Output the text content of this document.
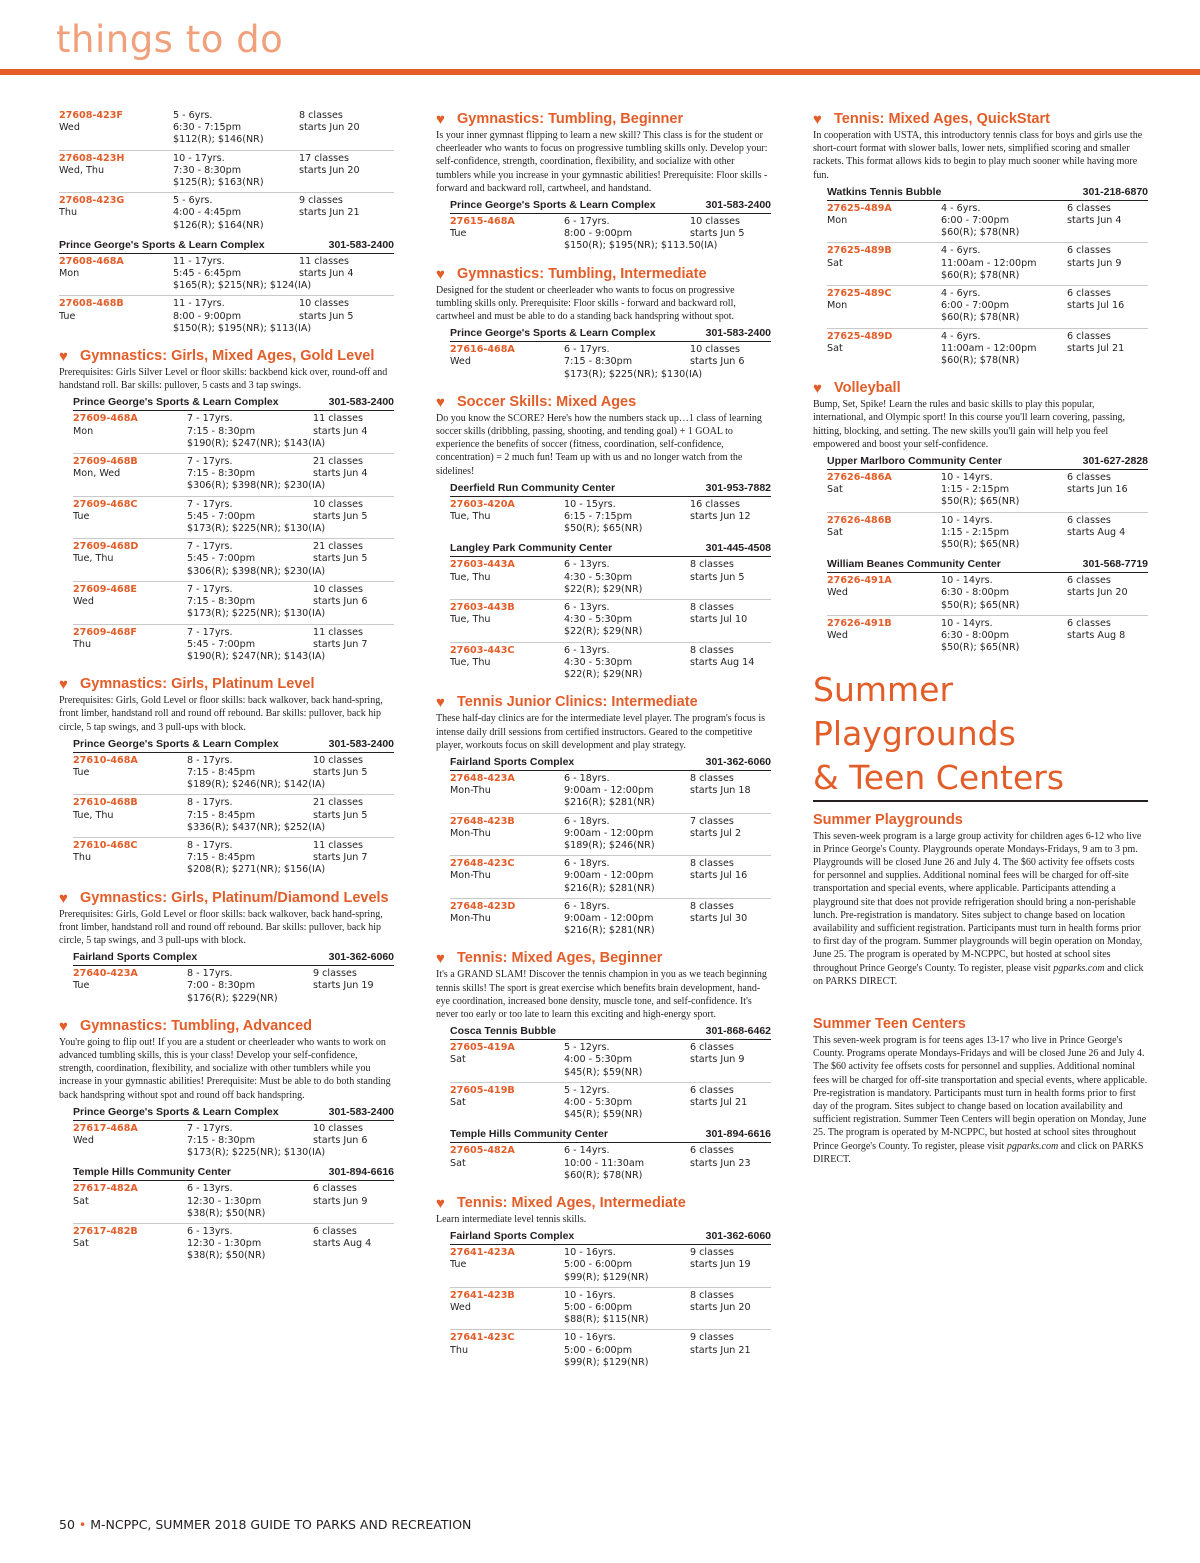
things to do
27608-423F	5 - 6yrs.	8 classes
Wed	6:30 - 7:15pm	starts Jun 20
$112(R); $146(NR)
27608-423H	10 - 17yrs.	17 classes
Wed, Thu	7:30 - 8:30pm	starts Jun 20
$125(R); $163(NR)
27608-423G	5 - 6yrs.	9 classes
Thu	4:00 - 4:45pm	starts Jun 21
$126(R); $164(NR)
Prince George's Sports & Learn Complex	301-583-2400
27608-468A	11 - 17yrs.	11 classes
Mon	5:45 - 6:45pm	starts Jun 4
$165(R); $215(NR); $124(IA)
27608-468B	11 - 17yrs.	10 classes
Tue	8:00 - 9:00pm	starts Jun 5
$150(R); $195(NR); $113(IA)
♥ Gymnastics: Girls, Mixed Ages, Gold Level
Prerequisites: Girls Silver Level or floor skills: backbend kick over, round-off and handstand roll. Bar skills: pullover, 5 casts and 3 tap swings.
Prince George's Sports & Learn Complex	301-583-2400
27609-468A	7 - 17yrs.	11 classes
Mon	7:15 - 8:30pm	starts Jun 4
$190(R); $247(NR); $143(IA)
27609-468B	7 - 17yrs.	21 classes
Mon, Wed	7:15 - 8:30pm	starts Jun 4
$306(R); $398(NR); $230(IA)
27609-468C	7 - 17yrs.	10 classes
Tue	5:45 - 7:00pm	starts Jun 5
$173(R); $225(NR); $130(IA)
27609-468D	7 - 17yrs.	21 classes
Tue, Thu	5:45 - 7:00pm	starts Jun 5
$306(R); $398(NR); $230(IA)
27609-468E	7 - 17yrs.	10 classes
Wed	7:15 - 8:30pm	starts Jun 6
$173(R); $225(NR); $130(IA)
27609-468F	7 - 17yrs.	11 classes
Thu	5:45 - 7:00pm	starts Jun 7
$190(R); $247(NR); $143(IA)
♥ Gymnastics: Girls, Platinum Level
Prerequisites: Girls, Gold Level or floor skills: back walkover, back hand-spring, front limber, handstand roll and round off rebound. Bar skills: pullover, back hip circle, 5 tap swings, and 3 pull-ups with block.
Prince George's Sports & Learn Complex	301-583-2400
27610-468A	8 - 17yrs.	10 classes
Tue	7:15 - 8:45pm	starts Jun 5
$189(R); $246(NR); $142(IA)
27610-468B	8 - 17yrs.	21 classes
Tue, Thu	7:15 - 8:45pm	starts Jun 5
$336(R); $437(NR); $252(IA)
27610-468C	8 - 17yrs.	11 classes
Thu	7:15 - 8:45pm	starts Jun 7
$208(R); $271(NR); $156(IA)
♥ Gymnastics: Girls, Platinum/Diamond Levels
Prerequisites: Girls, Gold Level or floor skills: back walkover, back hand-spring, front limber, handstand roll and round off rebound. Bar skills: pullover, back hip circle, 5 tap swings, and 3 pull-ups with block.
Fairland Sports Complex	301-362-6060
27640-423A	8 - 17yrs.	9 classes
Tue	7:00 - 8:30pm	starts Jun 19
$176(R); $229(NR)
♥ Gymnastics: Tumbling, Advanced
You're going to flip out! If you are a student or cheerleader who wants to work on advanced tumbling skills, this is your class! Develop your self-confidence, strength, coordination, flexibility, and socialize with other tumblers while you increase in your gymnastic abilities! Prerequisite: Must be able to do both standing back handspring without spot and round off back handspring.
Prince George's Sports & Learn Complex	301-583-2400
27617-468A	7 - 17yrs.	10 classes
Wed	7:15 - 8:30pm	starts Jun 6
$173(R); $225(NR); $130(IA)
Temple Hills Community Center	301-894-6616
27617-482A	6 - 13yrs.	6 classes
Sat	12:30 - 1:30pm	starts Jun 9
$38(R); $50(NR)
27617-482B	6 - 13yrs.	6 classes
Sat	12:30 - 1:30pm	starts Aug 4
$38(R); $50(NR)
♥ Gymnastics: Tumbling, Beginner
Is your inner gymnast flipping to learn a new skill? This class is for the student or cheerleader who wants to focus on progressive tumbling skills only. Develop your: self-confidence, strength, coordination, flexibility, and socialize with other tumblers while you increase in your gymnastic abilities! Prerequisite: Floor skills - forward and backward roll, cartwheel, and handstand.
Prince George's Sports & Learn Complex	301-583-2400
27615-468A	6 - 17yrs.	10 classes
Tue	8:00 - 9:00pm	starts Jun 5
$150(R); $195(NR); $113.50(IA)
♥ Gymnastics: Tumbling, Intermediate
Designed for the student or cheerleader who wants to focus on progressive tumbling skills only. Prerequisite: Floor skills - forward and backward roll, cartwheel and must be able to do a standing back handspring without spot.
Prince George's Sports & Learn Complex	301-583-2400
27616-468A	6 - 17yrs.	10 classes
Wed	7:15 - 8:30pm	starts Jun 6
$173(R); $225(NR); $130(IA)
♥ Soccer Skills: Mixed Ages
Do you know the SCORE? Here's how the numbers stack up…1 class of learning soccer skills (dribbling, passing, shooting, and tending goal) + 1 GOAL to experience the benefits of soccer (fitness, coordination, self-confidence, concentration) = 2 much fun! Team up with us and no longer watch from the sidelines!
Deerfield Run Community Center	301-953-7882
27603-420A	10 - 15yrs.	16 classes
Tue, Thu	6:15 - 7:15pm	starts Jun 12
$50(R); $65(NR)
Langley Park Community Center	301-445-4508
27603-443A	6 - 13yrs.	8 classes
Tue, Thu	4:30 - 5:30pm	starts Jun 5
$22(R); $29(NR)
27603-443B	6 - 13yrs.	8 classes
Tue, Thu	4:30 - 5:30pm	starts Jul 10
$22(R); $29(NR)
27603-443C	6 - 13yrs.	8 classes
Tue, Thu	4:30 - 5:30pm	starts Aug 14
$22(R); $29(NR)
♥ Tennis Junior Clinics: Intermediate
These half-day clinics are for the intermediate level player. The program's focus is intense daily drill sessions from certified instructors. Geared to the competitive player, workouts focus on skill development and play strategy.
Fairland Sports Complex	301-362-6060
27648-423A	6 - 18yrs.	8 classes
Mon-Thu	9:00am - 12:00pm	starts Jun 18
$216(R); $281(NR)
27648-423B	6 - 18yrs.	7 classes
Mon-Thu	9:00am - 12:00pm	starts Jul 2
$189(R); $246(NR)
27648-423C	6 - 18yrs.	8 classes
Mon-Thu	9:00am - 12:00pm	starts Jul 16
$216(R); $281(NR)
27648-423D	6 - 18yrs.	8 classes
Mon-Thu	9:00am - 12:00pm	starts Jul 30
$216(R); $281(NR)
♥ Tennis: Mixed Ages, Beginner
It's a GRAND SLAM! Discover the tennis champion in you as we teach beginning tennis skills! The sport is great exercise which benefits brain development, hand-eye coordination, increased bone density, muscle tone, and self-confidence. It's never too early or too late to learn this exciting and high-energy sport.
Cosca Tennis Bubble	301-868-6462
27605-419A	5 - 12yrs.	6 classes
Sat	4:00 - 5:30pm	starts Jun 9
$45(R); $59(NR)
27605-419B	5 - 12yrs.	6 classes
Sat	4:00 - 5:30pm	starts Jul 21
$45(R); $59(NR)
Temple Hills Community Center	301-894-6616
27605-482A	6 - 14yrs.	6 classes
Sat	10:00 - 11:30am	starts Jun 23
$60(R); $78(NR)
♥ Tennis: Mixed Ages, Intermediate
Learn intermediate level tennis skills.
Fairland Sports Complex	301-362-6060
27641-423A	10 - 16yrs.	9 classes
Tue	5:00 - 6:00pm	starts Jun 19
$99(R); $129(NR)
27641-423B	10 - 16yrs.	8 classes
Wed	5:00 - 6:00pm	starts Jun 20
$88(R); $115(NR)
27641-423C	10 - 16yrs.	9 classes
Thu	5:00 - 6:00pm	starts Jun 21
$99(R); $129(NR)
♥ Tennis: Mixed Ages, QuickStart
In cooperation with USTA, this introductory tennis class for boys and girls use the short-court format with slower balls, lower nets, simplified scoring and smaller rackets. This format allows kids to begin to play much sooner while having more fun.
Watkins Tennis Bubble	301-218-6870
27625-489A	4 - 6yrs.	6 classes
Mon	6:00 - 7:00pm	starts Jun 4
$60(R); $78(NR)
27625-489B	4 - 6yrs.	6 classes
Sat	11:00am - 12:00pm	starts Jun 9
$60(R); $78(NR)
27625-489C	4 - 6yrs.	6 classes
Mon	6:00 - 7:00pm	starts Jul 16
$60(R); $78(NR)
27625-489D	4 - 6yrs.	6 classes
Sat	11:00am - 12:00pm	starts Jul 21
$60(R); $78(NR)
♥ Volleyball
Bump, Set, Spike! Learn the rules and basic skills to play this popular, international, and Olympic sport! In this course you'll learn covering, passing, hitting, blocking, and setting. The new skills you'll gain will help you feel empowered and boost your self-confidence.
Upper Marlboro Community Center	301-627-2828
27626-486A	10 - 14yrs.	6 classes
Sat	1:15 - 2:15pm	starts Jun 16
$50(R); $65(NR)
27626-486B	10 - 14yrs.	6 classes
Sat	1:15 - 2:15pm	starts Aug 4
$50(R); $65(NR)
William Beanes Community Center	301-568-7719
27626-491A	10 - 14yrs.	6 classes
Wed	6:30 - 8:00pm	starts Jun 20
$50(R); $65(NR)
27626-491B	10 - 14yrs.	6 classes
Wed	6:30 - 8:00pm	starts Aug 8
$50(R); $65(NR)
Summer Playgrounds
& Teen Centers
Summer Playgrounds
This seven-week program is a large group activity for children ages 6-12 who live in Prince George's County. Playgrounds operate Mondays-Fridays, 9 am to 3 pm. Playgrounds will be closed June 26 and July 4. The $60 activity fee offsets costs for personnel and supplies. Additional nominal fees will be charged for off-site transportation and special events, where applicable. Participants attending a playground site that does not provide refrigeration should bring a non-perishable lunch. Pre-registration is mandatory. Sites subject to change based on location availability and sufficient registration. Participants must turn in health forms prior to first day of the program. Summer playgrounds will begin operation on Monday, June 25. The program is operated by M-NCPPC, but hosted at school sites throughout Prince George's County. To register, please visit pgparks.com and click on PARKS DIRECT.
Summer Teen Centers
This seven-week program is for teens ages 13-17 who live in Prince George's County. Programs operate Mondays-Fridays and will be closed June 26 and July 4. The $60 activity fee offsets costs for personnel and supplies. Additional nominal fees will be charged for off-site transportation and special events, where applicable. Pre-registration is mandatory. Participants must turn in health forms prior to first day of the program. Sites subject to change based on location availability and sufficient registration. Summer Teen Centers will begin operation on Monday, June 25. The program is operated by M-NCPPC, but hosted at school sites throughout Prince George's County. To register, please visit pgparks.com and click on PARKS DIRECT.
50 • M-NCPPC, SUMMER 2018 GUIDE TO PARKS AND RECREATION
